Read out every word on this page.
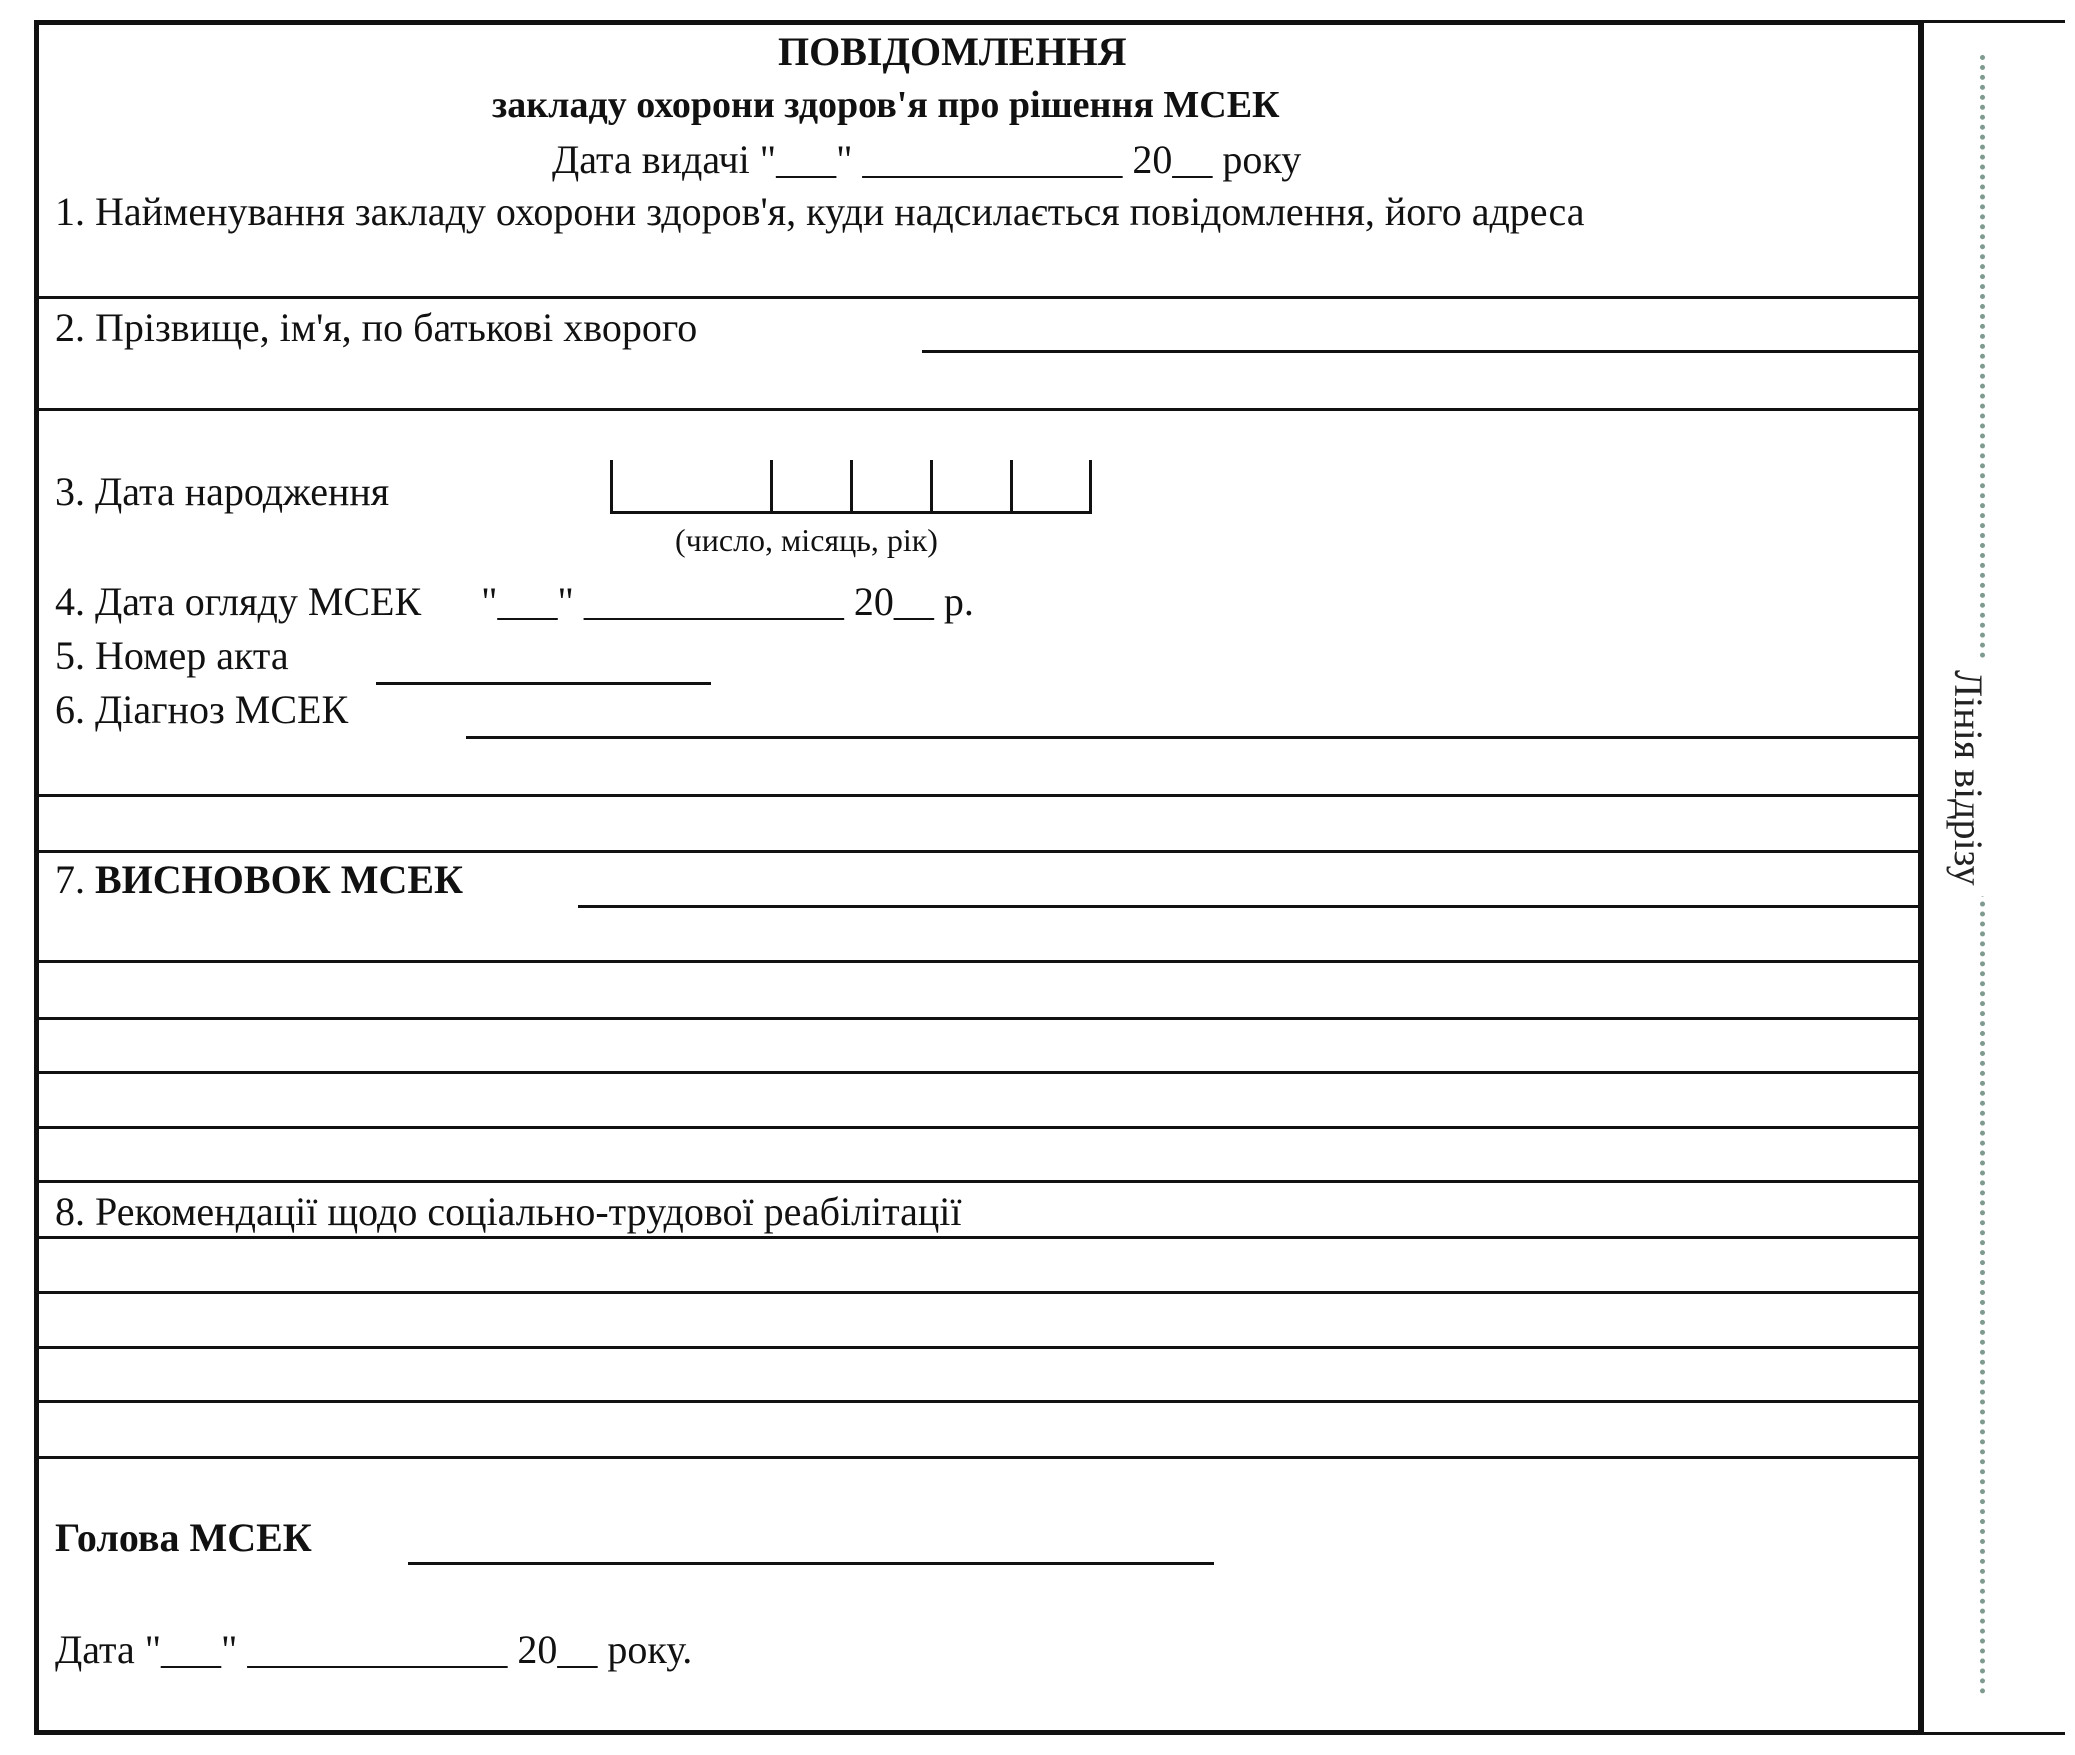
Лінія відрізу
ПОВІДОМЛЕННЯ
закладу охорони здоров'я про рішення МСЕК
Дата видачі "___" _____________ 20__ року
1. Найменування закладу охорони здоров'я, куди надсилається повідомлення, його адреса
2. Прізвище, ім'я, по батькові хворого
3. Дата народження
(число, місяць, рік)
4. Дата огляду МСЕК      "___" _____________ 20__ р.
5. Номер акта
6. Діагноз МСЕК
7. ВИСНОВОК МСЕК
8. Рекомендації щодо соціально-трудової реабілітації
Голова МСЕК
Дата "___" _____________ 20__ року.
